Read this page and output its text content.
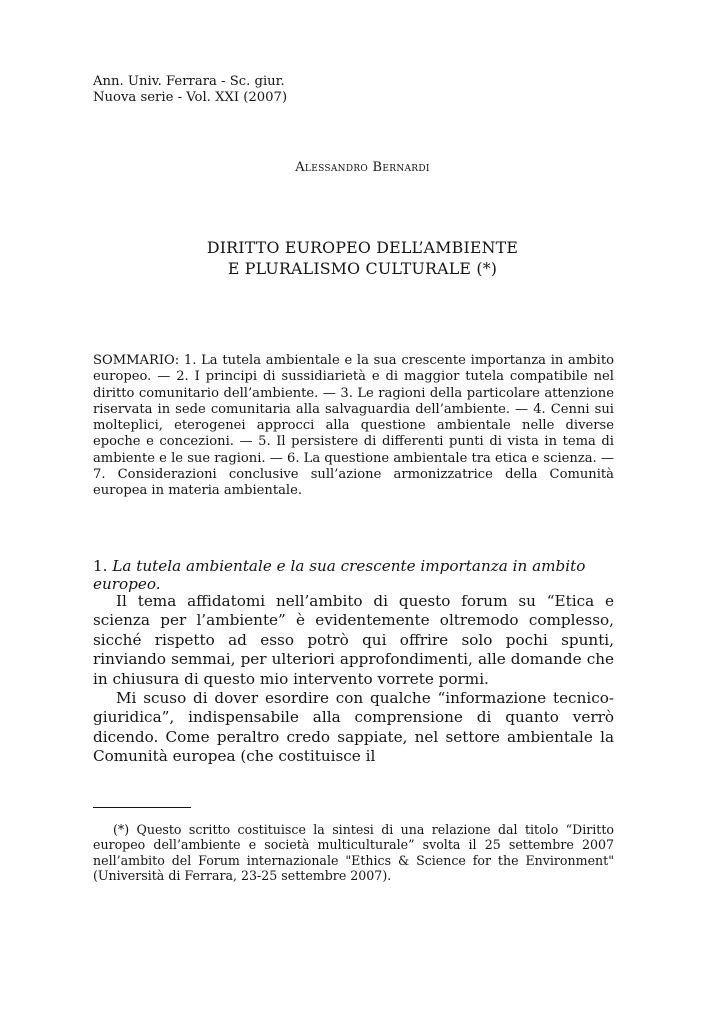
Ann. Univ. Ferrara - Sc. giur.
Nuova serie - Vol. XXI (2007)
Alessandro Bernardi
DIRITTO EUROPEO DELL’AMBIENTE
E PLURALISMO CULTURALE (*)
SOMMARIO: 1. La tutela ambientale e la sua crescente importanza in ambito europeo. — 2. I principi di sussidiarietà e di maggior tutela compatibile nel diritto comunitario dell’ambiente. — 3. Le ragioni della particolare attenzione riservata in sede comunitaria alla salvaguardia dell’ambiente. — 4. Cenni sui molteplici, eterogenei approcci alla questione ambientale nelle diverse epoche e concezioni. — 5. Il persistere di differenti punti di vista in tema di ambiente e le sue ragioni. — 6. La questione ambientale tra etica e scienza. — 7. Considerazioni conclusive sull’azione armonizzatrice della Comunità europea in materia ambientale.
1. La tutela ambientale e la sua crescente importanza in ambito europeo.

Il tema affidatomi nell’ambito di questo forum su “Etica e scienza per l’ambiente” è evidentemente oltremodo complesso, sicché rispetto ad esso potrò qui offrire solo pochi spunti, rinviando semmai, per ulteriori approfondimenti, alle domande che in chiusura di questo mio intervento vorrete pormi.

Mi scuso di dover esordire con qualche “informazione tecnico-giuridica”, indispensabile alla comprensione di quanto verrò dicendo. Come peraltro credo sappiate, nel settore ambientale la Comunità europea (che costituisce il

(*) Questo scritto costituisce la sintesi di una relazione dal titolo “Diritto europeo dell’ambiente e società multiculturale” svolta il 25 settembre 2007 nell’ambito del Forum internazionale "Ethics & Science for the Environment" (Università di Ferrara, 23-25 settembre 2007).
